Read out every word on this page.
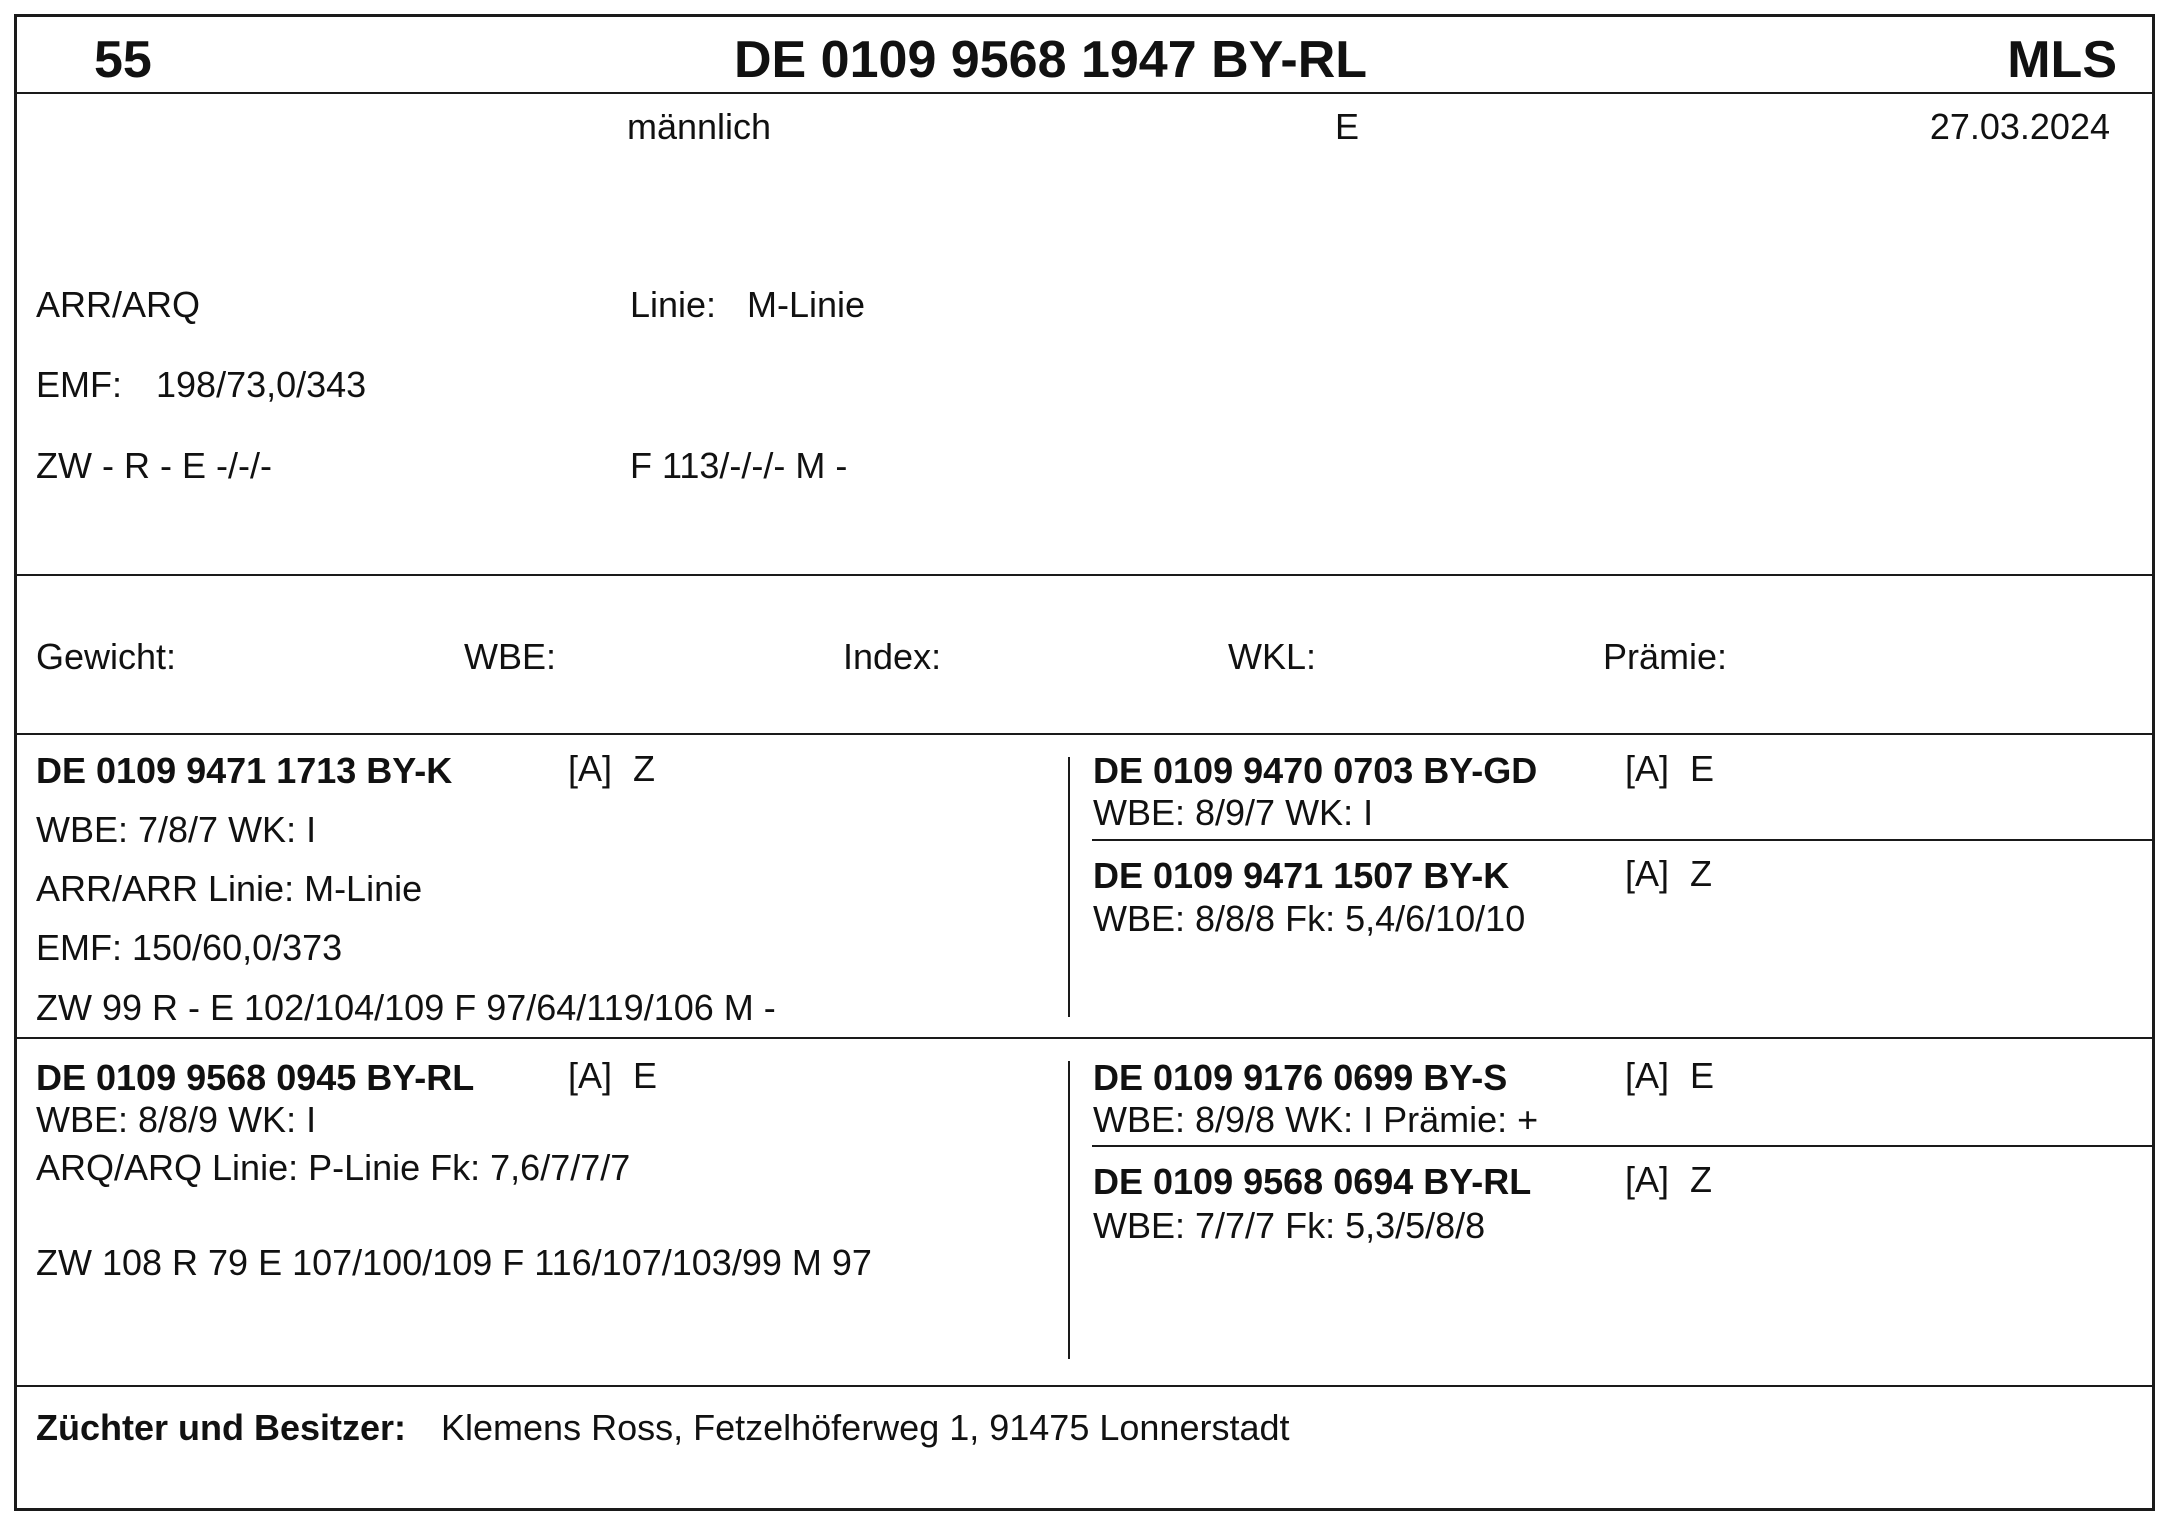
55	DE 0109 9568 1947 BY-RL	MLS
männlich	E	27.03.2024
ARR/ARQ	Linie: M-Linie
EMF: 198/73,0/343
ZW - R - E -/-/-	F 113/-/-/- M -
Gewicht:	WBE:	Index:	WKL:	Prämie:
DE 0109 9471 1713 BY-K	[A] Z
WBE: 7/8/7 WK: I
ARR/ARR Linie: M-Linie
EMF: 150/60,0/373
ZW 99 R - E 102/104/109 F 97/64/119/106 M -
DE 0109 9470 0703 BY-GD [A] E
WBE: 8/9/7 WK: I
DE 0109 9471 1507 BY-K	[A] Z
WBE: 8/8/8 Fk: 5,4/6/10/10
DE 0109 9568 0945 BY-RL	[A] E
WBE: 8/8/9 WK: I
ARQ/ARQ Linie: P-Linie Fk: 7,6/7/7/7
ZW 108 R 79 E 107/100/109 F 116/107/103/99 M 97
DE 0109 9176 0699 BY-S	[A] E
WBE: 8/9/8 WK: I Prämie: +
DE 0109 9568 0694 BY-RL	[A] Z
WBE: 7/7/7 Fk: 5,3/5/8/8
Züchter und Besitzer: Klemens Ross, Fetzelhöferweg 1, 91475 Lonnerstadt
